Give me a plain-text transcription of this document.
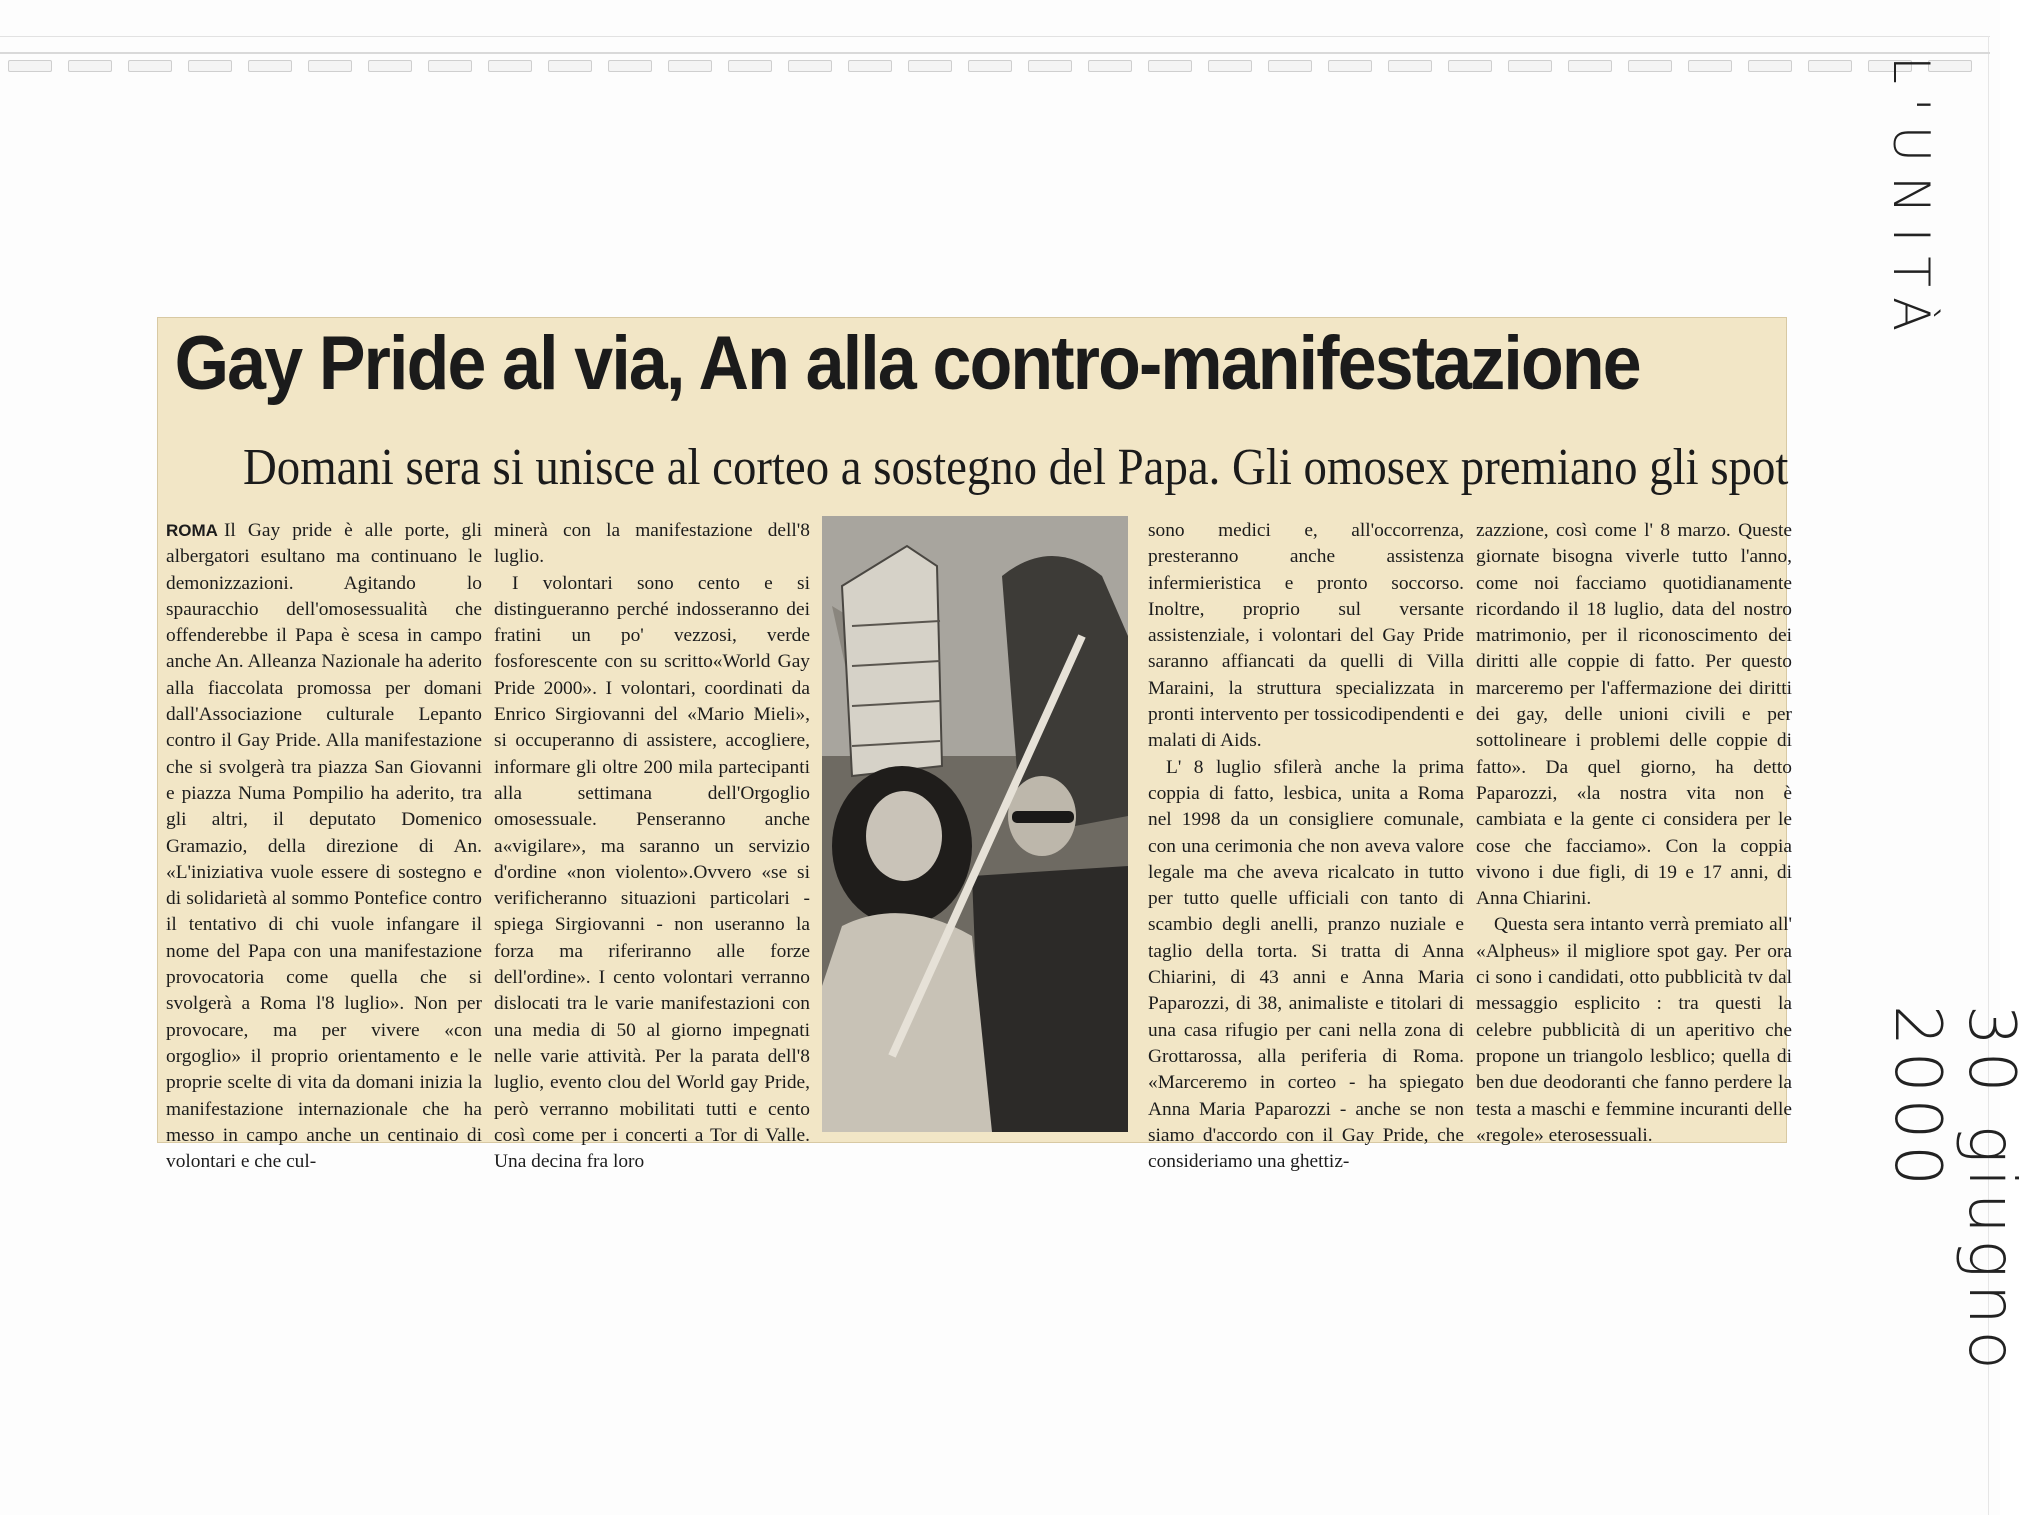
L'UNITÀ
30 giugno 2000
Gay Pride al via, An alla contro-manifestazione
Domani sera si unisce al corteo a sostegno del Papa. Gli omosex premiano gli spot

ROMA Il Gay pride è alle porte, gli albergatori esultano ma continuano le demonizzazioni. Agitando lo spauracchio dell'omosessualità che offenderebbe il Papa è scesa in campo anche An. Alleanza Nazionale ha aderito alla fiaccolata promossa per domani dall'Associazione culturale Lepanto contro il Gay Pride. Alla manifestazione che si svolgerà tra piazza San Giovanni e piazza Numa Pompilio ha aderito, tra gli altri, il deputato Domenico Gramazio, della direzione di An. «L'iniziativa vuole essere di sostegno e di solidarietà al sommo Pontefice contro il tentativo di chi vuole infangare il nome del Papa con una manifestazione provocatoria come quella che si svolgerà a Roma l'8 luglio». Non per provocare, ma per vivere «con orgoglio» il proprio orientamento e le proprie scelte di vita da domani inizia la manifestazione internazionale che ha messo in campo anche un centinaio di volontari e che cul-

minerà con la manifestazione dell'8 luglio.

I volontari sono cento e si distingueranno perché indosseranno dei fratini un po' vezzosi, verde fosforescente con su scritto«World Gay Pride 2000». I volontari, coordinati da Enrico Sirgiovanni del «Mario Mieli», si occuperanno di assistere, accogliere, informare gli oltre 200 mila partecipanti alla settimana dell'Orgoglio omosessuale. Penseranno anche a«vigilare», ma saranno un servizio d'ordine «non violento».Ovvero «se si verificheranno situazioni particolari - spiega Sirgiovanni - non useranno la forza ma riferiranno alle forze dell'ordine». I cento volontari verranno dislocati tra le varie manifestazioni con una media di 50 al giorno impegnati nelle varie attività. Per la parata dell'8 luglio, evento clou del World gay Pride, però verranno mobilitati tutti e cento così come per i concerti a Tor di Valle. Una decina fra loro

sono medici e, all'occorrenza, presteranno anche assistenza infermieristica e pronto soccorso. Inoltre, proprio sul versante assistenziale, i volontari del Gay Pride saranno affiancati da quelli di Villa Maraini, la struttura specializzata in pronti intervento per tossicodipendenti e malati di Aids.

L' 8 luglio sfilerà anche la prima coppia di fatto, lesbica, unita a Roma nel 1998 da un consigliere comunale, con una cerimonia che non aveva valore legale ma che aveva ricalcato in tutto per tutto quelle ufficiali con tanto di scambio degli anelli, pranzo nuziale e taglio della torta. Si tratta di Anna Chiarini, di 43 anni e Anna Maria Paparozzi, di 38, animaliste e titolari di una casa rifugio per cani nella zona di Grottarossa, alla periferia di Roma. «Marceremo in corteo - ha spiegato Anna Maria Paparozzi - anche se non siamo d'accordo con il Gay Pride, che consideriamo una ghettiz-

zazzione, così come l' 8 marzo. Queste giornate bisogna viverle tutto l'anno, come noi facciamo quotidianamente ricordando il 18 luglio, data del nostro matrimonio, per il riconoscimento dei diritti alle coppie di fatto. Per questo marceremo per l'affermazione dei diritti dei gay, delle unioni civili e per sottolineare i problemi delle coppie di fatto». Da quel giorno, ha detto Paparozzi, «la nostra vita non è cambiata e la gente ci considera per le cose che facciamo». Con la coppia vivono i due figli, di 19 e 17 anni, di Anna Chiarini.

Questa sera intanto verrà premiato all' «Alpheus» il migliore spot gay. Per ora ci sono i candidati, otto pubblicità tv dal messaggio esplicito : tra questi la celebre pubblicità di un aperitivo che propone un triangolo lesblico; quella di ben due deodoranti che fanno perdere la testa a maschi e femmine incuranti delle «regole» eterosessuali.
